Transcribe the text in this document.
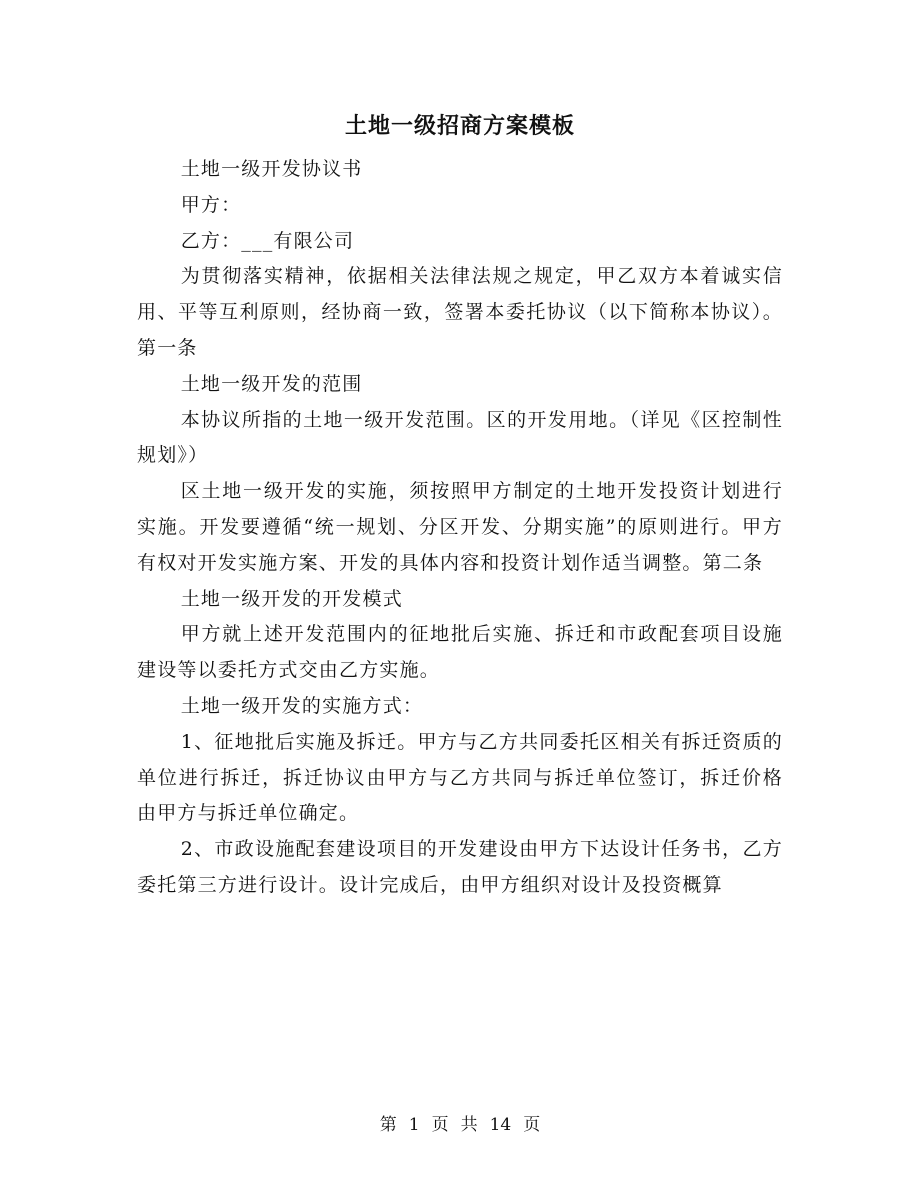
土地一级招商方案模板

土地一级开发协议书

甲方：

乙方：___有限公司

为贯彻落实精神，依据相关法律法规之规定，甲乙双方本着诚实信用、平等互利原则，经协商一致，签署本委托协议（以下简称本协议）。第一条

土地一级开发的范围

本协议所指的土地一级开发范围。区的开发用地。（详见《区控制性规划》）

区土地一级开发的实施，须按照甲方制定的土地开发投资计划进行实施。开发要遵循“统一规划、分区开发、分期实施”的原则进行。甲方有权对开发实施方案、开发的具体内容和投资计划作适当调整。第二条

土地一级开发的开发模式

甲方就上述开发范围内的征地批后实施、拆迁和市政配套项目设施建设等以委托方式交由乙方实施。

土地一级开发的实施方式：

1、征地批后实施及拆迁。甲方与乙方共同委托区相关有拆迁资质的单位进行拆迁，拆迁协议由甲方与乙方共同与拆迁单位签订，拆迁价格由甲方与拆迁单位确定。

2、市政设施配套建设项目的开发建设由甲方下达设计任务书，乙方委托第三方进行设计。设计完成后，由甲方组织对设计及投资概算

第 1 页 共 14 页
